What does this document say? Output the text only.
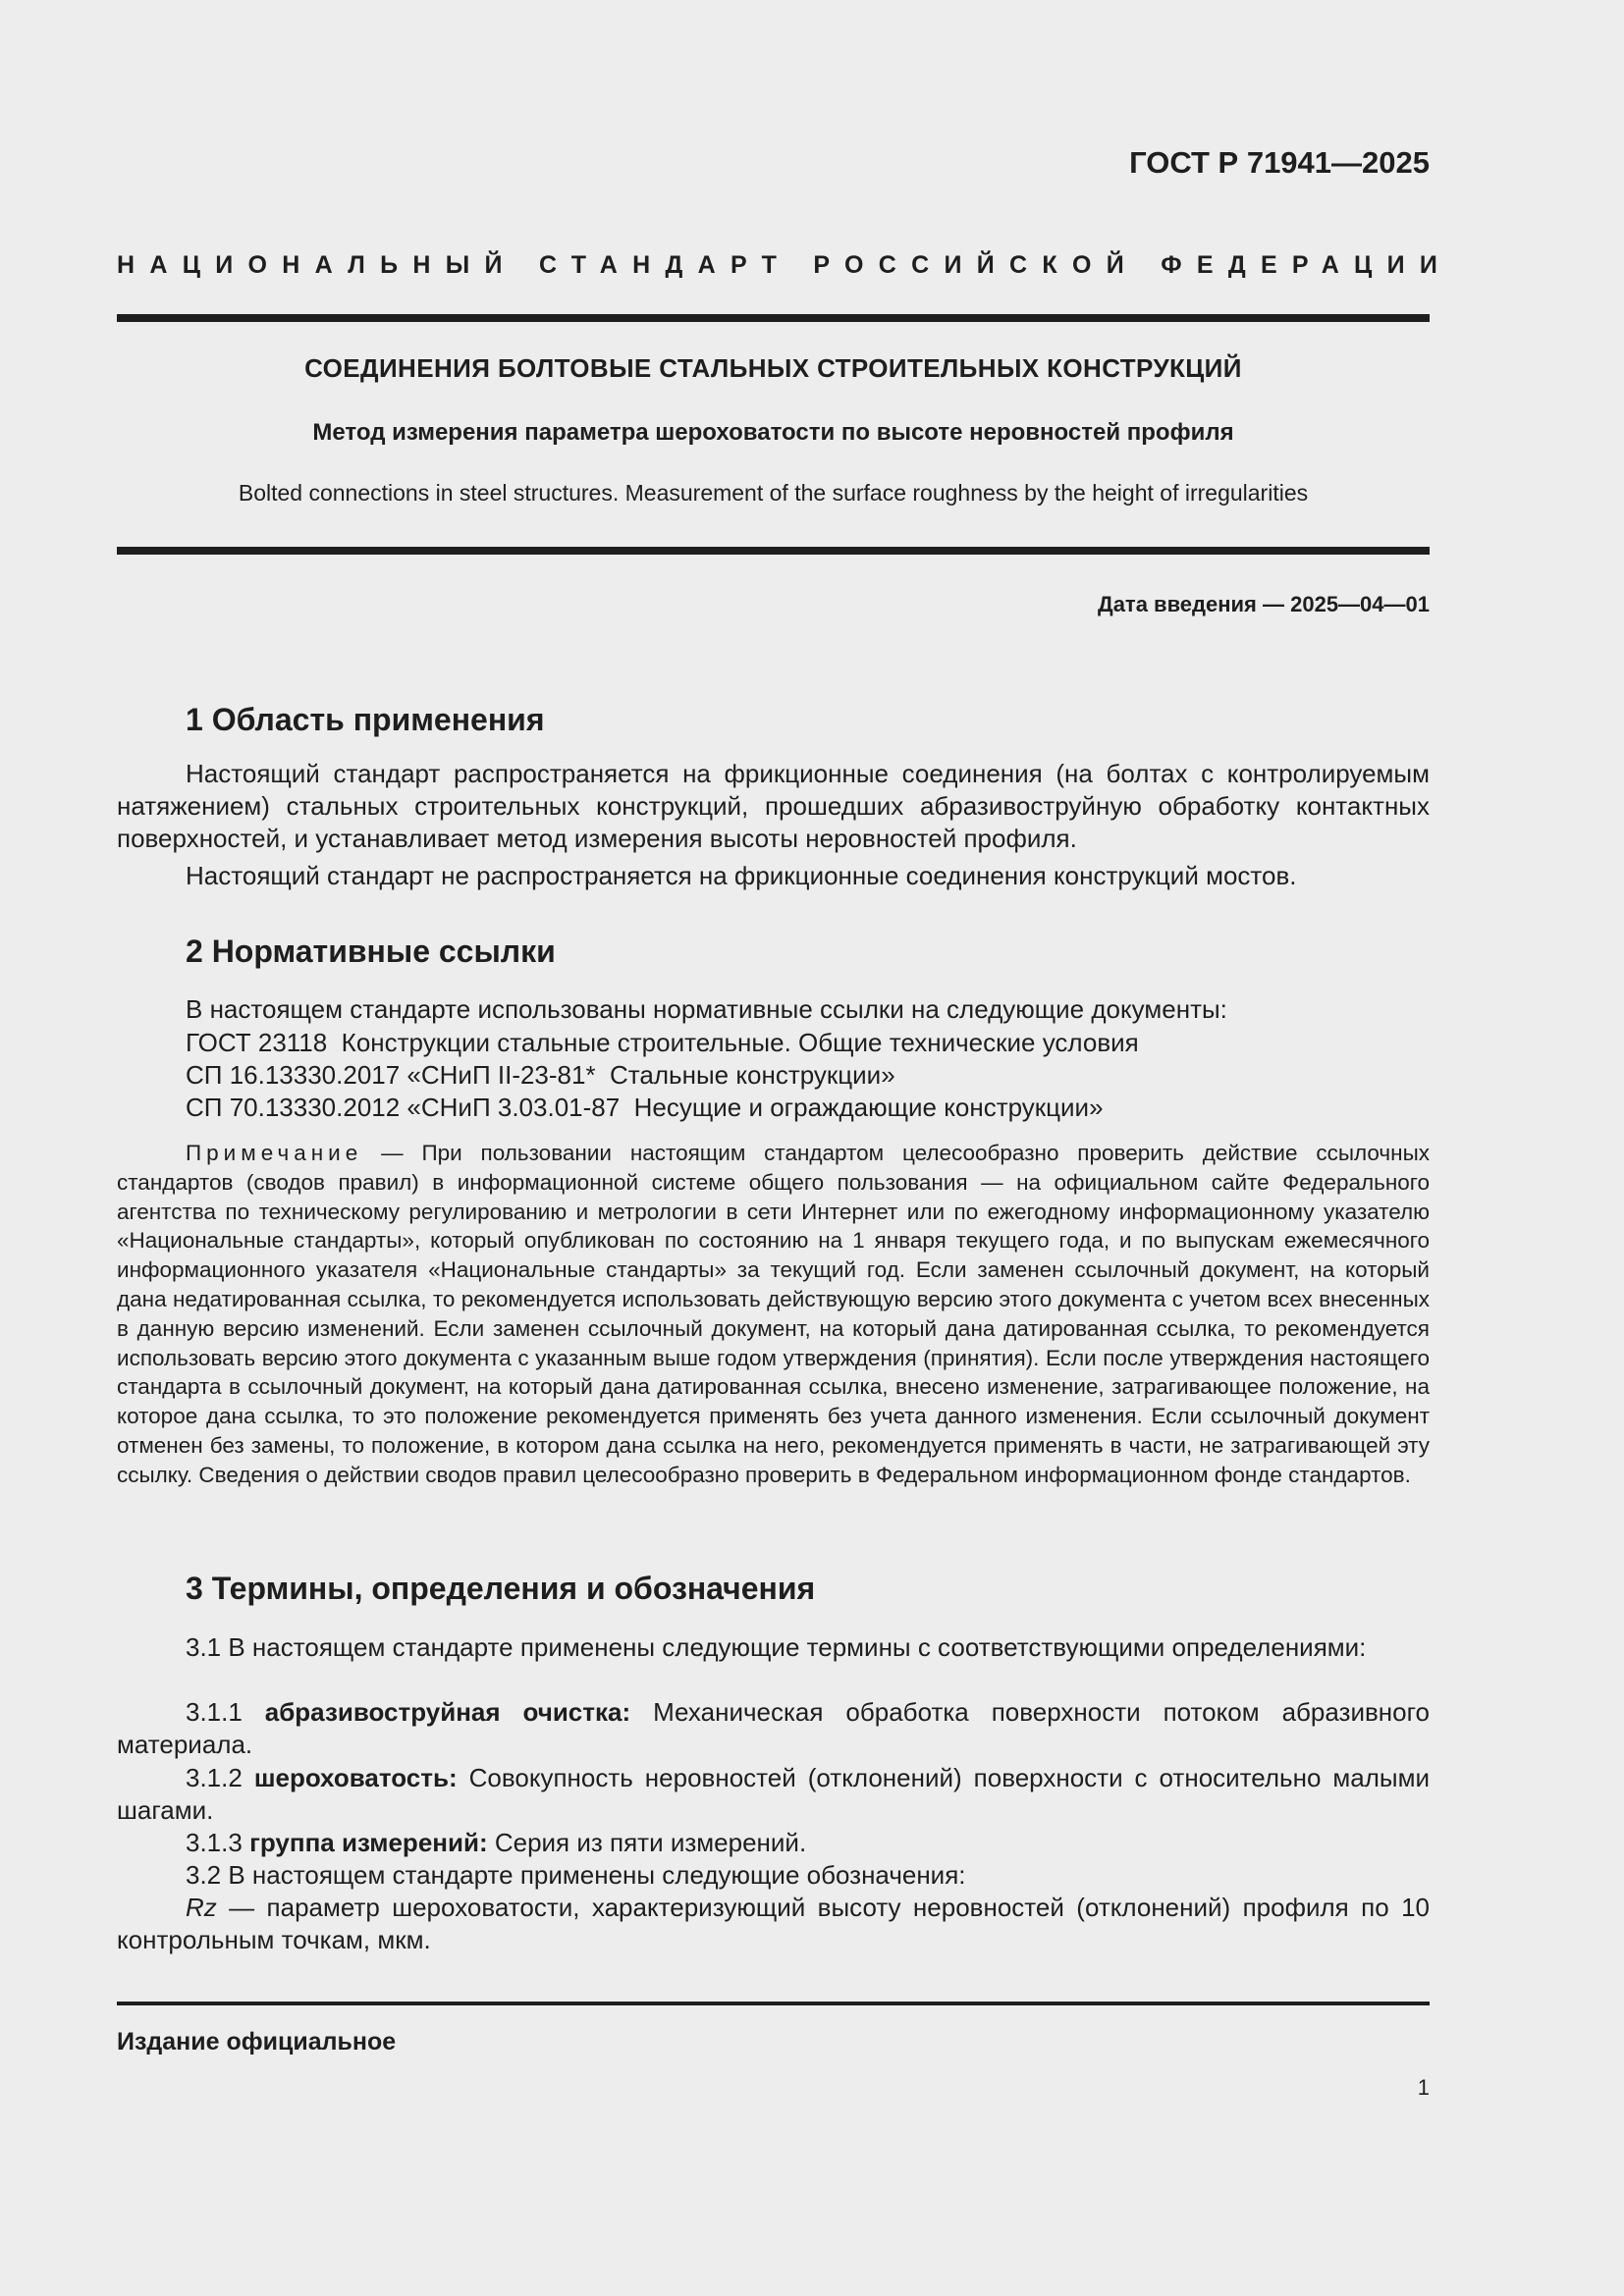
ГОСТ Р 71941—2025
НАЦИОНАЛЬНЫЙ СТАНДАРТ РОССИЙСКОЙ ФЕДЕРАЦИИ
СОЕДИНЕНИЯ БОЛТОВЫЕ СТАЛЬНЫХ СТРОИТЕЛЬНЫХ КОНСТРУКЦИЙ
Метод измерения параметра шероховатости по высоте неровностей профиля
Bolted connections in steel structures. Measurement of the surface roughness by the height of irregularities
Дата введения — 2025—04—01
1 Область применения

Настоящий стандарт распространяется на фрикционные соединения (на болтах с контролируемым натяжением) стальных строительных конструкций, прошедших абразивоструйную обработку контактных поверхностей, и устанавливает метод измерения высоты неровностей профиля.

Настоящий стандарт не распространяется на фрикционные соединения конструкций мостов.

2 Нормативные ссылки
В настоящем стандарте использованы нормативные ссылки на следующие документы:
ГОСТ 23118  Конструкции стальные строительные. Общие технические условия
СП 16.13330.2017 «СНиП II-23-81*  Стальные конструкции»
СП 70.13330.2012 «СНиП 3.03.01-87  Несущие и ограждающие конструкции»

Примечание — При пользовании настоящим стандартом целесообразно проверить действие ссылочных стандартов (сводов правил) в информационной системе общего пользования — на официальном сайте Федерального агентства по техническому регулированию и метрологии в сети Интернет или по ежегодному информационному указателю «Национальные стандарты», который опубликован по состоянию на 1 января текущего года, и по выпускам ежемесячного информационного указателя «Национальные стандарты» за текущий год. Если заменен ссылочный документ, на который дана недатированная ссылка, то рекомендуется использовать действующую версию этого документа с учетом всех внесенных в данную версию изменений. Если заменен ссылочный документ, на который дана датированная ссылка, то рекомендуется использовать версию этого документа с указанным выше годом утверждения (принятия). Если после утверждения настоящего стандарта в ссылочный документ, на который дана датированная ссылка, внесено изменение, затрагивающее положение, на которое дана ссылка, то это положение рекомендуется применять без учета данного изменения. Если ссылочный документ отменен без замены, то положение, в котором дана ссылка на него, рекомендуется применять в части, не затрагивающей эту ссылку. Сведения о действии сводов правил целесообразно проверить в Федеральном информационном фонде стандартов.

3 Термины, определения и обозначения

3.1 В настоящем стандарте применены следующие термины с соответствующими определениями:

3.1.1 абразивоструйная очистка: Механическая обработка поверхности потоком абразивного материала.

3.1.2 шероховатость: Совокупность неровностей (отклонений) поверхности с относительно малыми шагами.

3.1.3 группа измерений: Серия из пяти измерений.

3.2 В настоящем стандарте применены следующие обозначения:

Rz — параметр шероховатости, характеризующий высоту неровностей (отклонений) профиля по 10 контрольным точкам, мкм.

Издание официальное
1
